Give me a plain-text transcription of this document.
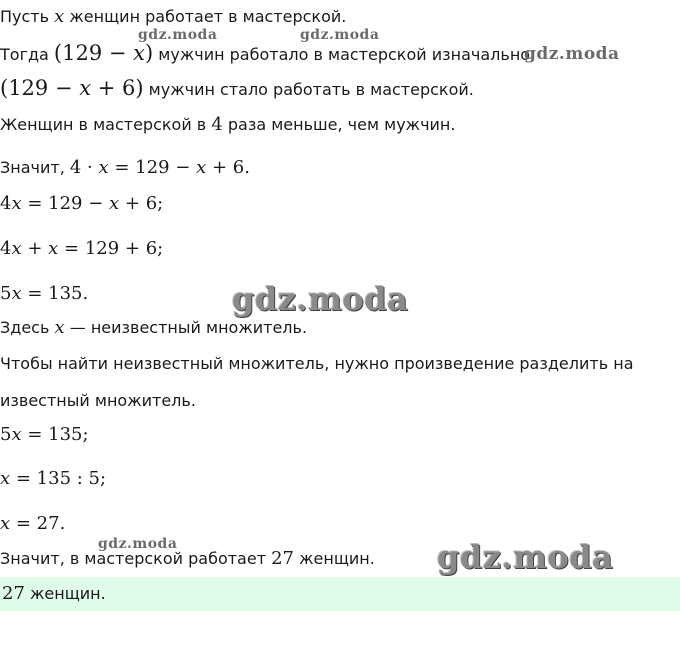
Пусть x женщин работает в мастерской.
Тогда (129 − x) мужчин работало в мастерской изначально.
(129 − x + 6) мужчин стало работать в мастерской.
Женщин в мастерской в 4 раза меньше, чем мужчин.
Значит, 4 · x = 129 − x + 6.
4x = 129 − x + 6;
4x + x = 129 + 6;
5x = 135.
Здесь x — неизвестный множитель.
Чтобы найти неизвестный множитель, нужно произведение разделить на
известный множитель.
5x = 135;
x = 135 : 5;
x = 27.
Значит, в мастерской работает 27 женщин.
27 женщин.
gdz.moda	gdz.moda
gdz.moda
gdz.moda
gdz.moda	gdz.moda
